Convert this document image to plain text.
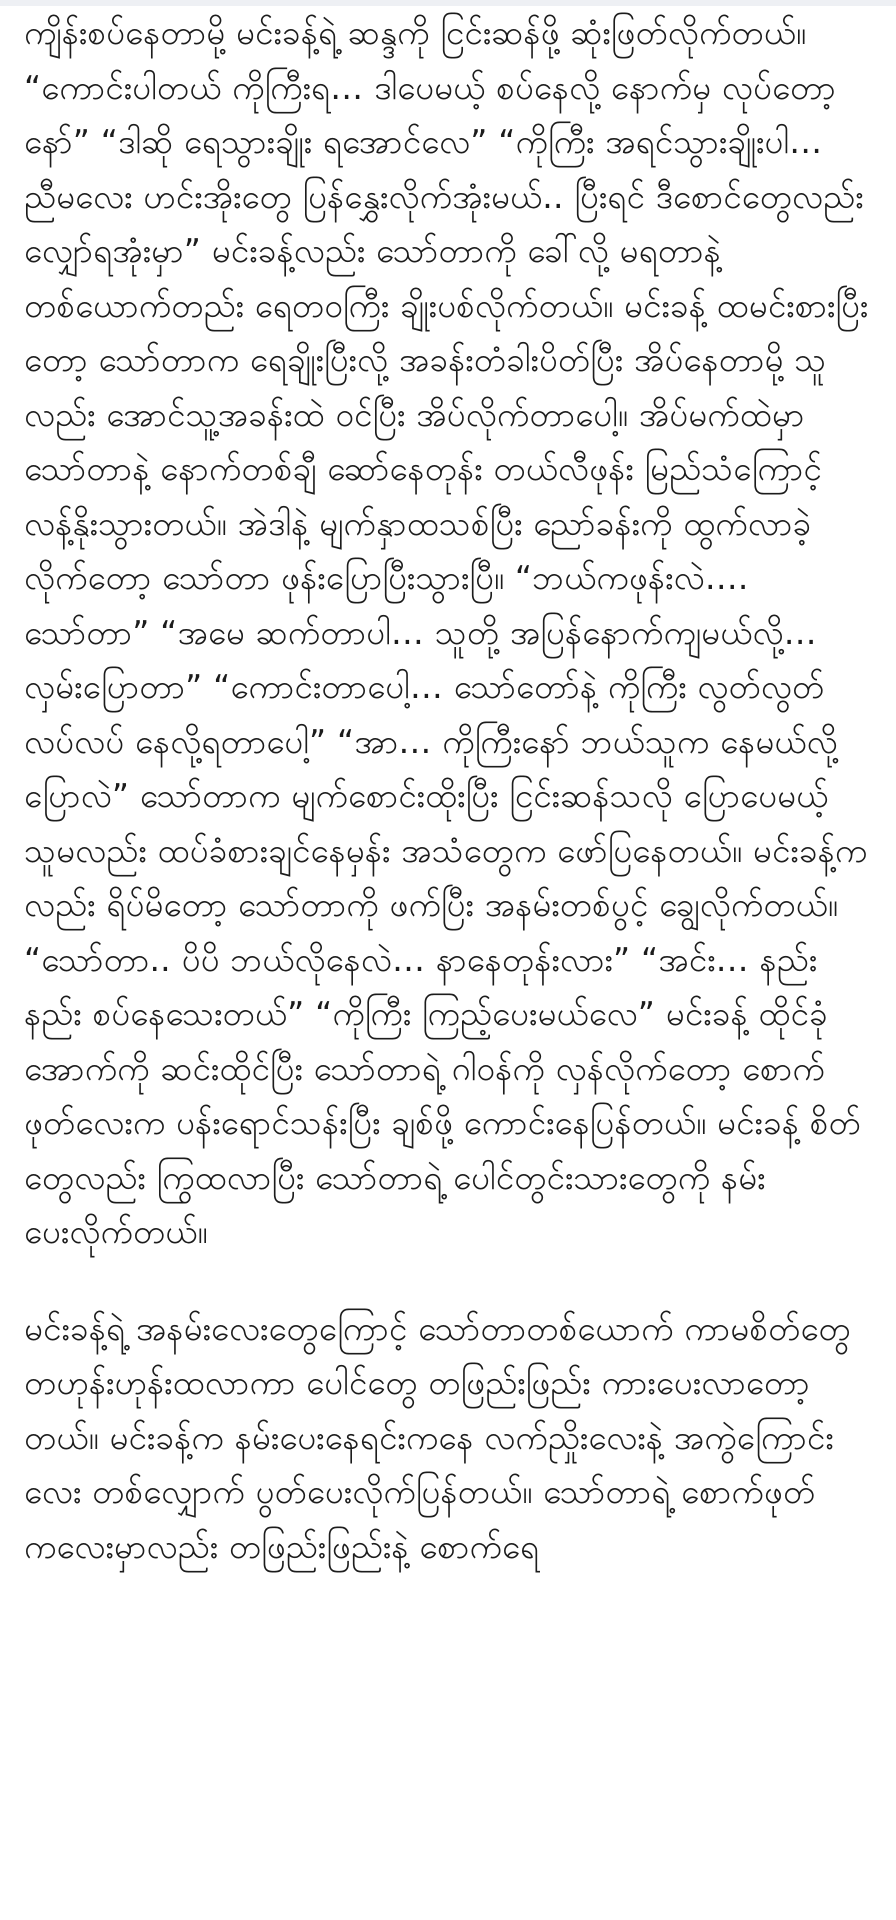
ကျိန်းစပ်နေတာမို့ မင်းခန့်ရဲ့ ဆန္ဒကို ငြင်းဆန်ဖို့ ဆုံးဖြတ်လိုက်တယ်။ “ကောင်းပါတယ် ကိုကြီးရ… ဒါပေမယ့် စပ်နေလို့ နောက်မှ လုပ်တော့နော်” “ဒါဆို ရေသွားချိုး ရအောင်လေ” “ကိုကြီး အရင်သွားချိုးပါ… ညီမလေး ဟင်းအိုးတွေ ပြန်နွှေးလိုက်အုံးမယ်.. ပြီးရင် ဒီစောင်တွေလည်း လျှော်ရအုံးမှာ” မင်းခန့်လည်း သော်တာကို ခေါ်လို့ မရတာနဲ့ တစ်ယောက်တည်း ရေတဝကြီး ချိုးပစ်လိုက်တယ်။ မင်းခန့် ထမင်းစားပြီးတော့ သော်တာက ရေချိုးပြီးလို့ အခန်းတံခါးပိတ်ပြီး အိပ်နေတာမို့ သူလည်း အောင်သူ့အခန်းထဲ ဝင်ပြီး အိပ်လိုက်တာပေါ့။ အိပ်မက်ထဲမှာ သော်တာနဲ့ နောက်တစ်ချီ ဆော်နေတုန်း တယ်လီဖုန်း မြည်သံကြောင့် လန့်နိုးသွားတယ်။ အဲဒါနဲ့ မျက်နှာထသစ်ပြီး ညော်ခန်းကို ထွက်လာခဲ့လိုက်တော့ သော်တာ ဖုန်းပြောပြီးသွားပြီ။ “ဘယ်ကဖုန်းလဲ…. သော်တာ” “အမေ ဆက်တာပါ… သူတို့ အပြန်နောက်ကျမယ်လို့… လှမ်းပြောတာ” “ကောင်းတာပေါ့… သော်တော်နဲ့ ကိုကြီး လွတ်လွတ်လပ်လပ် နေလို့ရတာပေါ့” “အာ… ကိုကြီးနော် ဘယ်သူက နေမယ်လို့ ပြောလဲ” သော်တာက မျက်စောင်းထိုးပြီး ငြင်းဆန်သလို ပြောပေမယ့် သူမလည်း ထပ်ခံစားချင်နေမှန်း အသံတွေက ဖော်ပြနေတယ်။ မင်းခန့်ကလည်း ရိပ်မိတော့ သော်တာကို ဖက်ပြီး အနမ်းတစ်ပွင့် ချွေလိုက်တယ်။ “သော်တာ.. ပိပိ ဘယ်လိုနေလဲ… နာနေတုန်းလား” “အင်း… နည်းနည်း စပ်နေသေးတယ်” “ကိုကြီး ကြည့်ပေးမယ်လေ” မင်းခန့် ထိုင်ခုံအောက်ကို ဆင်းထိုင်ပြီး သော်တာရဲ့ ဂါဝန်ကို လှန်လိုက်တော့ စောက်ဖုတ်လေးက ပန်းရောင်သန်းပြီး ချစ်ဖို့ ကောင်းနေပြန်တယ်။ မင်းခန့် စိတ်တွေလည်း ကြွထလာပြီး သော်တာရဲ့ ပေါင်တွင်းသားတွေကို နမ်းပေးလိုက်တယ်။

မင်းခန့်ရဲ့ အနမ်းလေးတွေကြောင့် သော်တာတစ်ယောက် ကာမစိတ်တွေ တဟုန်းဟုန်းထလာကာ ပေါင်တွေ တဖြည်းဖြည်း ကားပေးလာတော့တယ်။ မင်းခန့်က နမ်းပေးနေရင်းကနေ လက်ညှိုးလေးနဲ့ အကွဲကြောင်းလေး တစ်လျှောက် ပွတ်ပေးလိုက်ပြန်တယ်။ သော်တာရဲ့ စောက်ဖုတ်ကလေးမှာလည်း တဖြည်းဖြည်းနဲ့ စောက်ရေ
